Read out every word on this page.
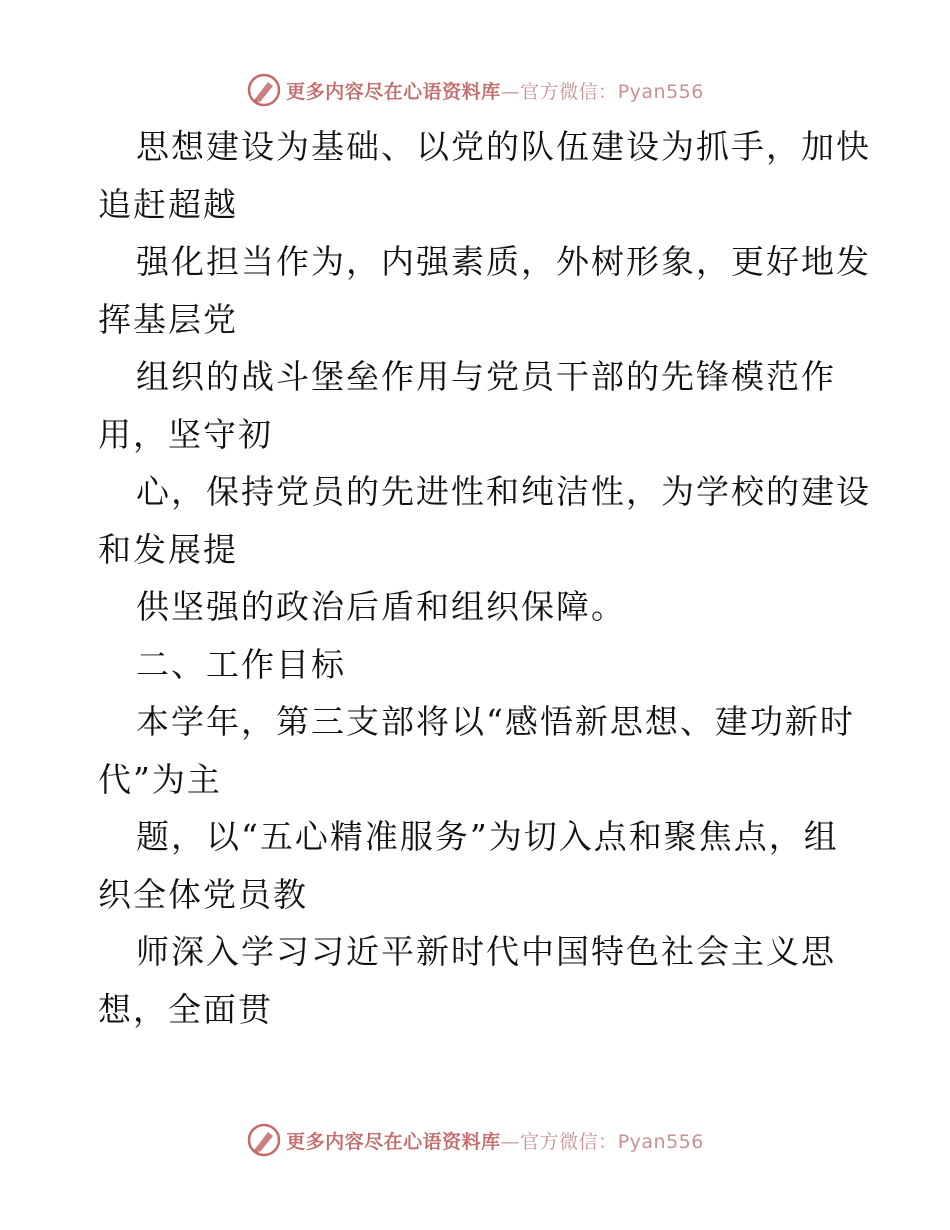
更多内容尽在心语资料库—官方微信：Pyan556
思想建设为基础、以党的队伍建设为抓手，加快
追赶超越
强化担当作为，内强素质，外树形象，更好地发
挥基层党
组织的战斗堡垒作用与党员干部的先锋模范作
用，坚守初
心，保持党员的先进性和纯洁性，为学校的建设
和发展提
供坚强的政治后盾和组织保障。
二、工作目标
本学年，第三支部将以“感悟新思想、建功新时
代”为主
题，以“五心精准服务”为切入点和聚焦点，组
织全体党员教
师深入学习习近平新时代中国特色社会主义思
想，全面贯
更多内容尽在心语资料库—官方微信：Pyan556
